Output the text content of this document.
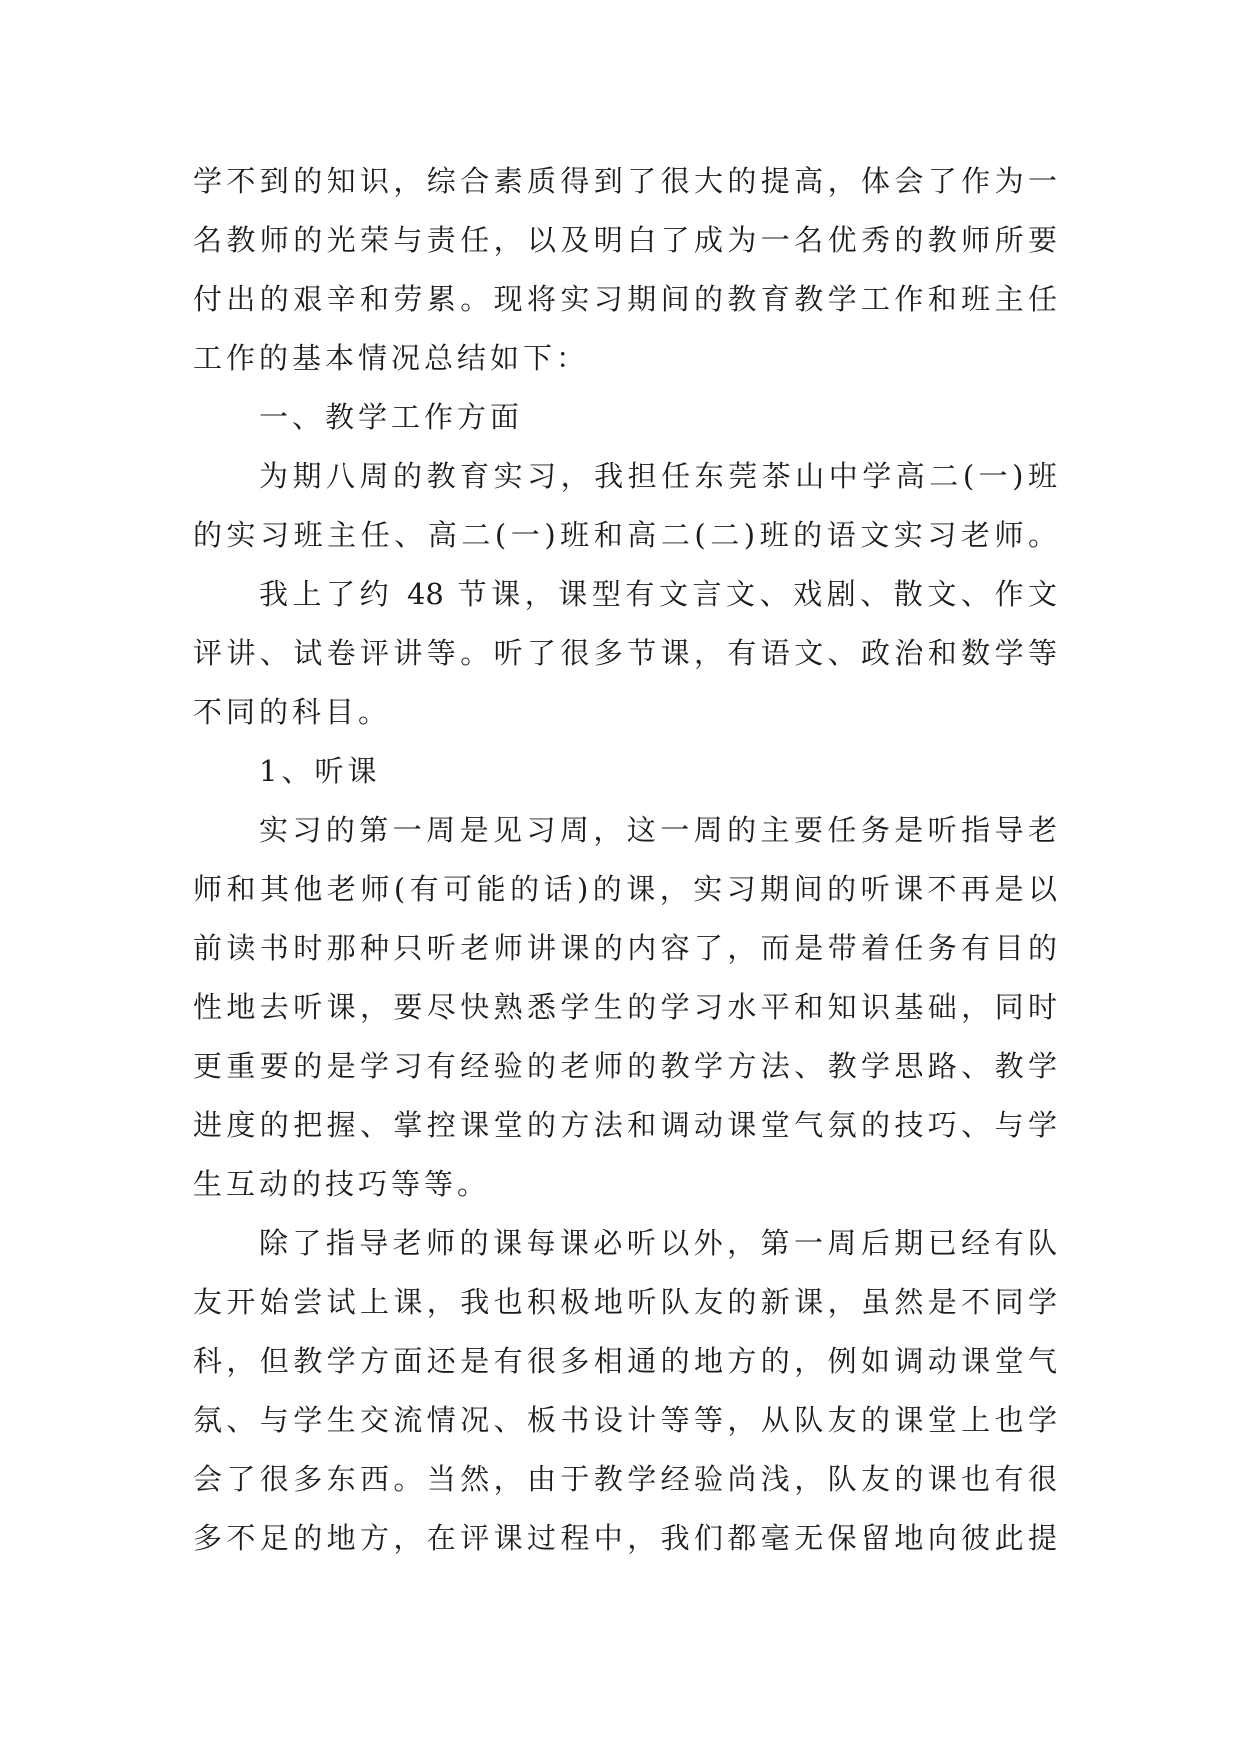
学不到的知识，综合素质得到了很大的提高，体会了作为一
名教师的光荣与责任，以及明白了成为一名优秀的教师所要
付出的艰辛和劳累。现将实习期间的教育教学工作和班主任
工作的基本情况总结如下：
一、教学工作方面
为期八周的教育实习，我担任东莞茶山中学高二(一)班
的实习班主任、高二(一)班和高二(二)班的语文实习老师。
我上了约 48 节课，课型有文言文、戏剧、散文、作文
评讲、试卷评讲等。听了很多节课，有语文、政治和数学等
不同的科目。
1、听课
实习的第一周是见习周，这一周的主要任务是听指导老
师和其他老师(有可能的话)的课，实习期间的听课不再是以
前读书时那种只听老师讲课的内容了，而是带着任务有目的
性地去听课，要尽快熟悉学生的学习水平和知识基础，同时
更重要的是学习有经验的老师的教学方法、教学思路、教学
进度的把握、掌控课堂的方法和调动课堂气氛的技巧、与学
生互动的技巧等等。
除了指导老师的课每课必听以外，第一周后期已经有队
友开始尝试上课，我也积极地听队友的新课，虽然是不同学
科，但教学方面还是有很多相通的地方的，例如调动课堂气
氛、与学生交流情况、板书设计等等，从队友的课堂上也学
会了很多东西。当然，由于教学经验尚浅，队友的课也有很
多不足的地方，在评课过程中，我们都毫无保留地向彼此提
